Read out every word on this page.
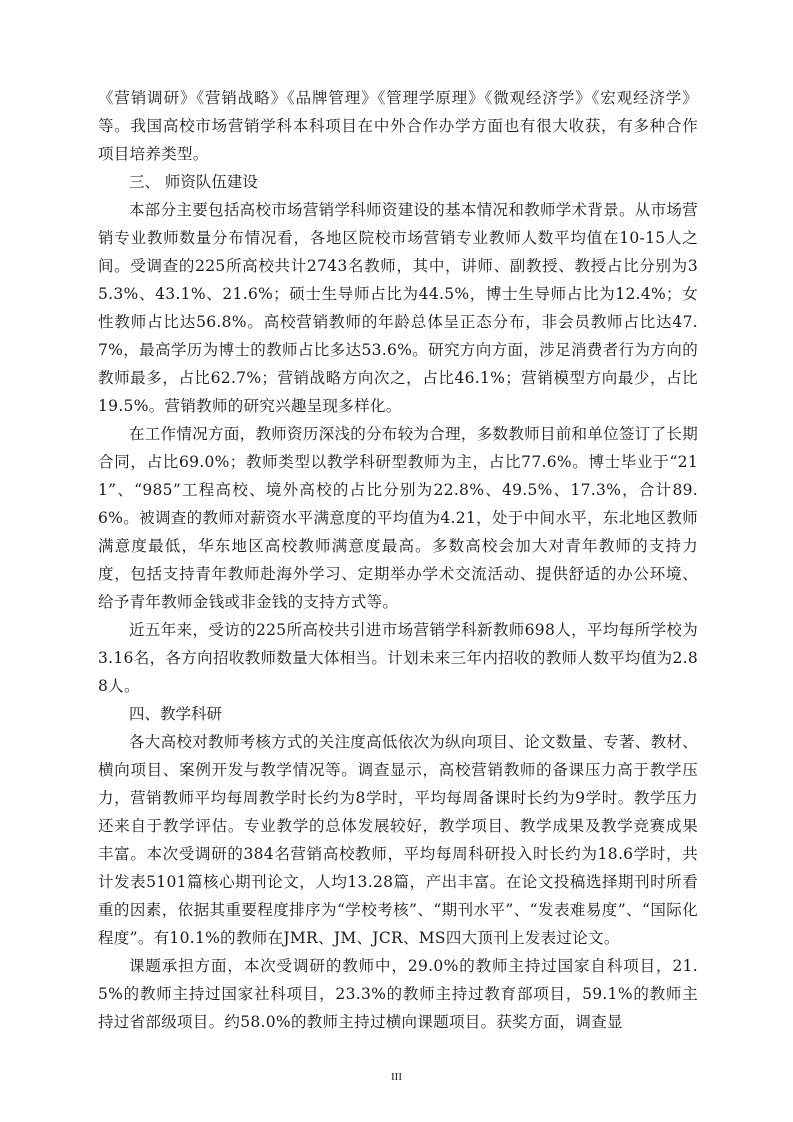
《营销调研》《营销战略》《品牌管理》《管理学原理》《微观经济学》《宏观经济学》等。我国高校市场营销学科本科项目在中外合作办学方面也有很大收获，有多种合作项目培养类型。

三、 师资队伍建设

本部分主要包括高校市场营销学科师资建设的基本情况和教师学术背景。从市场营销专业教师数量分布情况看，各地区院校市场营销专业教师人数平均值在10-15人之间。受调查的225所高校共计2743名教师，其中，讲师、副教授、教授占比分别为35.3%、43.1%、21.6%；硕士生导师占比为44.5%，博士生导师占比为12.4%；女性教师占比达56.8%。高校营销教师的年龄总体呈正态分布，非会员教师占比达47.7%，最高学历为博士的教师占比多达53.6%。研究方向方面，涉足消费者行为方向的教师最多，占比62.7%；营销战略方向次之，占比46.1%；营销模型方向最少，占比19.5%。营销教师的研究兴趣呈现多样化。

在工作情况方面，教师资历深浅的分布较为合理，多数教师目前和单位签订了长期合同，占比69.0%；教师类型以教学科研型教师为主，占比77.6%。博士毕业于“211”、“985”工程高校、境外高校的占比分别为22.8%、49.5%、17.3%，合计89.6%。被调查的教师对薪资水平满意度的平均值为4.21，处于中间水平，东北地区教师满意度最低，华东地区高校教师满意度最高。多数高校会加大对青年教师的支持力度，包括支持青年教师赴海外学习、定期举办学术交流活动、提供舒适的办公环境、给予青年教师金钱或非金钱的支持方式等。

近五年来，受访的225所高校共引进市场营销学科新教师698人，平均每所学校为3.16名，各方向招收教师数量大体相当。计划未来三年内招收的教师人数平均值为2.88人。

四、教学科研

各大高校对教师考核方式的关注度高低依次为纵向项目、论文数量、专著、教材、横向项目、案例开发与教学情况等。调查显示，高校营销教师的备课压力高于教学压力，营销教师平均每周教学时长约为8学时，平均每周备课时长约为9学时。教学压力还来自于教学评估。专业教学的总体发展较好，教学项目、教学成果及教学竞赛成果丰富。本次受调研的384名营销高校教师，平均每周科研投入时长约为18.6学时，共计发表5101篇核心期刊论文，人均13.28篇，产出丰富。在论文投稿选择期刊时所看重的因素，依据其重要程度排序为“学校考核”、“期刊水平”、“发表难易度”、“国际化程度”。有10.1%的教师在JMR、JM、JCR、MS四大顶刊上发表过论文。

课题承担方面，本次受调研的教师中，29.0%的教师主持过国家自科项目，21.5%的教师主持过国家社科项目，23.3%的教师主持过教育部项目，59.1%的教师主持过省部级项目。约58.0%的教师主持过横向课题项目。获奖方面，调查显

III
